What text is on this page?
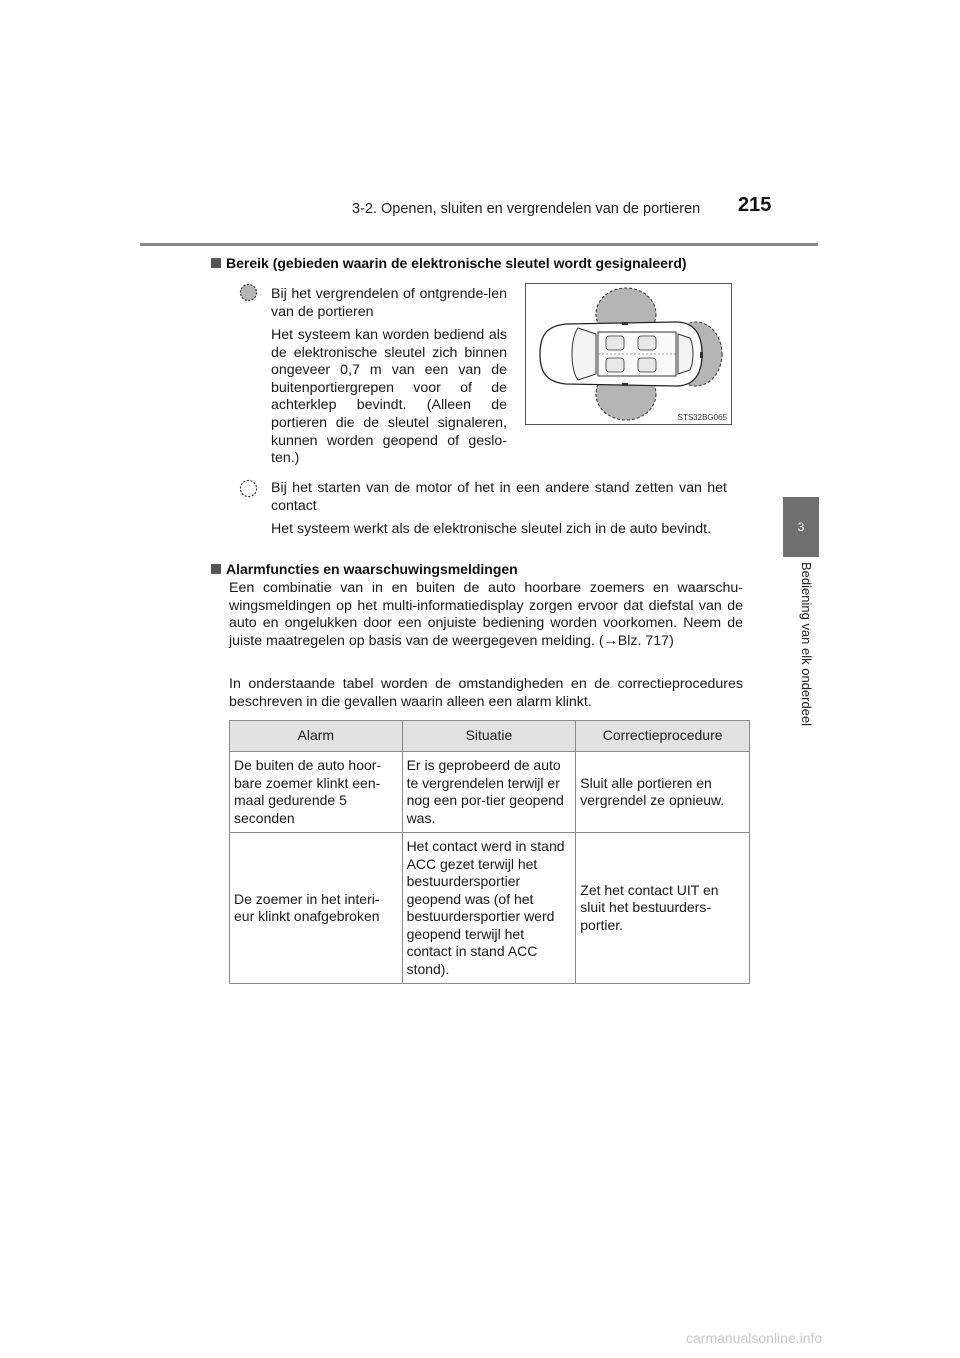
3-2. Openen, sluiten en vergrendelen van de portieren 215
3
Bediening van elk onderdeel
Bereik (gebieden waarin de elektronische sleutel wordt gesignaleerd)
Bij het vergrendelen of ontgrende-len van de portieren
Het systeem kan worden bediend als de elektronische sleutel zich binnen ongeveer 0,7 m van een van de buitenportiergrepen voor of de achterklep bevindt. (Alleen de portieren die de sleutel signaleren, kunnen worden geopend of geslo-ten.)
STS32BG065
Bij het starten van de motor of het in een andere stand zetten van het contact
Het systeem werkt als de elektronische sleutel zich in de auto bevindt.
Alarmfuncties en waarschuwingsmeldingen
Een combinatie van in en buiten de auto hoorbare zoemers en waarschu-wingsmeldingen op het multi-informatiedisplay zorgen ervoor dat diefstal van de auto en ongelukken door een onjuiste bediening worden voorkomen. Neem de juiste maatregelen op basis van de weergegeven melding. (→Blz. 717)
In onderstaande tabel worden de omstandigheden en de correctieprocedures beschreven in die gevallen waarin alleen een alarm klinkt.
Alarm	Situatie	Correctieprocedure
De buiten de auto hoor-bare zoemer klinkt een-maal gedurende 5 seconden	Er is geprobeerd de auto te vergrendelen terwijl er nog een por-tier geopend was.	Sluit alle portieren en vergrendel ze opnieuw.
De zoemer in het interi-eur klinkt onafgebroken	Het contact werd in stand ACC gezet terwijl het bestuurdersportier geopend was (of het bestuurdersportier werd geopend terwijl het contact in stand ACC stond).	Zet het contact UIT en sluit het bestuurders-portier.
carmanualsonline.info
